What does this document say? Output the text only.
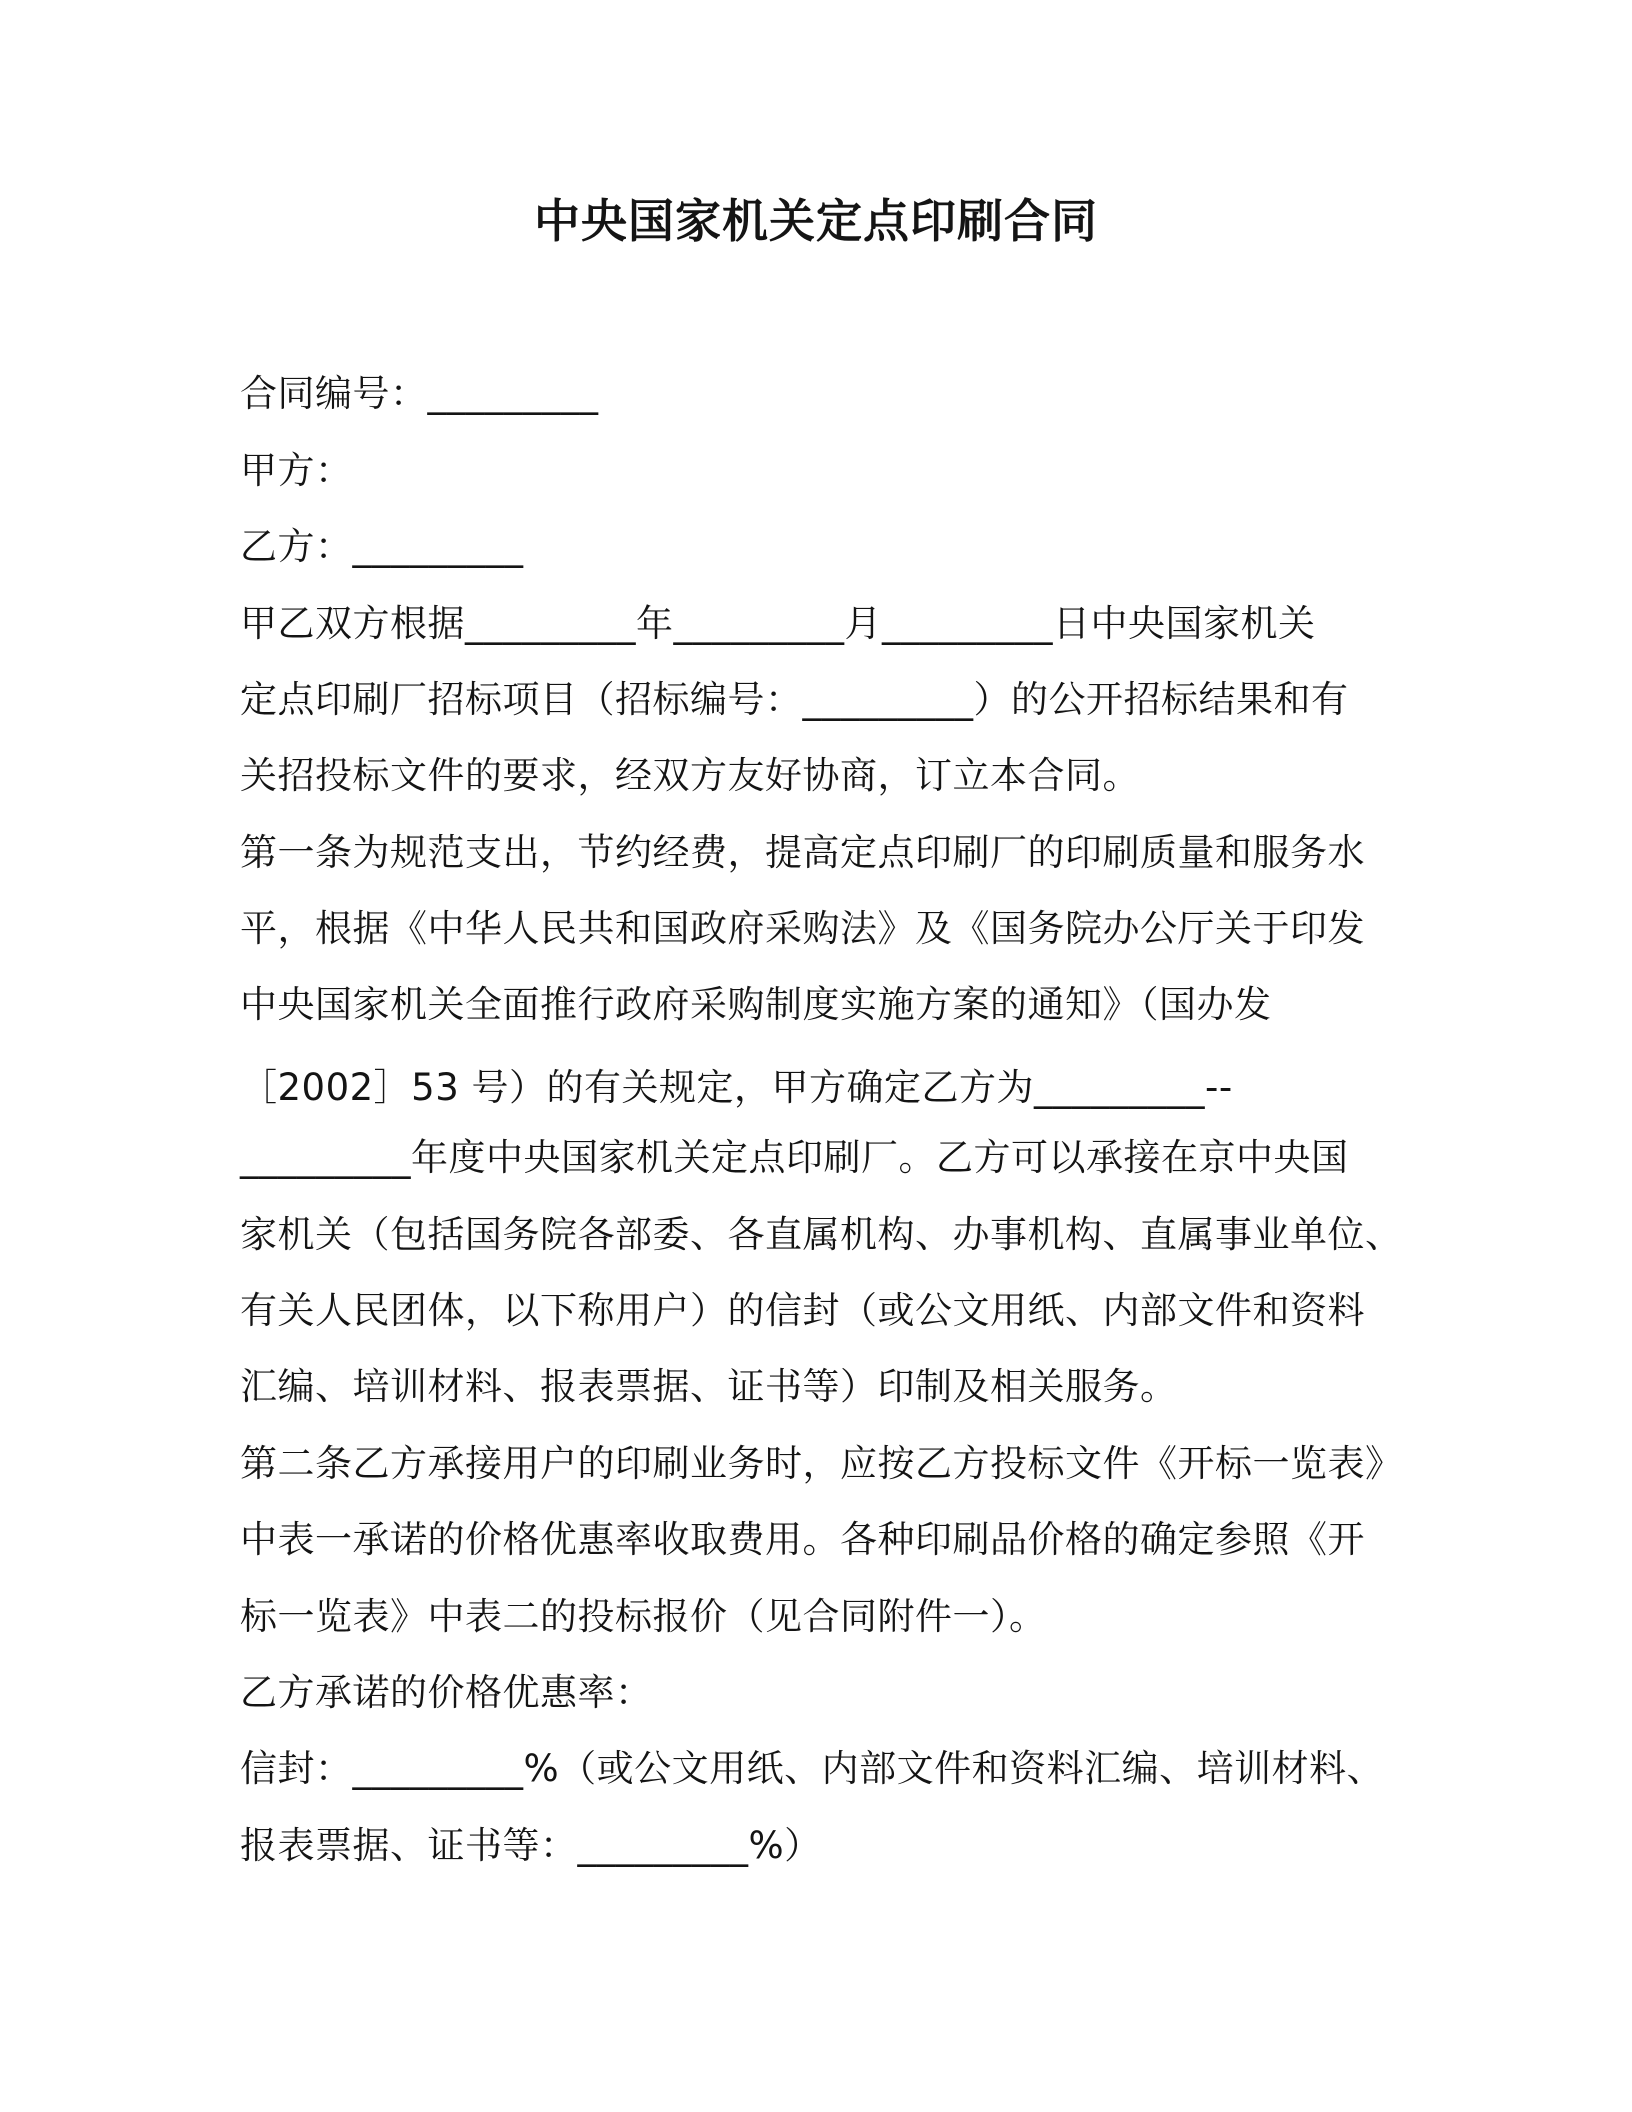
中央国家机关定点印刷合同
合同编号：_________
甲方：
乙方：_________
甲乙双方根据_________年_________月_________日中央国家机关
定点印刷厂招标项目（招标编号：_________）的公开招标结果和有
关招投标文件的要求，经双方友好协商，订立本合同。
第一条为规范支出，节约经费，提高定点印刷厂的印刷质量和服务水
平，根据《中华人民共和国政府采购法》及《国务院办公厅关于印发
中央国家机关全面推行政府采购制度实施方案的通知》（国办发
［2002］53 号）的有关规定，甲方确定乙方为_________--
_________年度中央国家机关定点印刷厂。乙方可以承接在京中央国
家机关（包括国务院各部委、各直属机构、办事机构、直属事业单位、
有关人民团体，以下称用户）的信封（或公文用纸、内部文件和资料
汇编、培训材料、报表票据、证书等）印制及相关服务。
第二条乙方承接用户的印刷业务时，应按乙方投标文件《开标一览表》
中表一承诺的价格优惠率收取费用。各种印刷品价格的确定参照《开
标一览表》中表二的投标报价（见合同附件一）。
乙方承诺的价格优惠率：
信封：_________%（或公文用纸、内部文件和资料汇编、培训材料、
报表票据、证书等：_________%）
